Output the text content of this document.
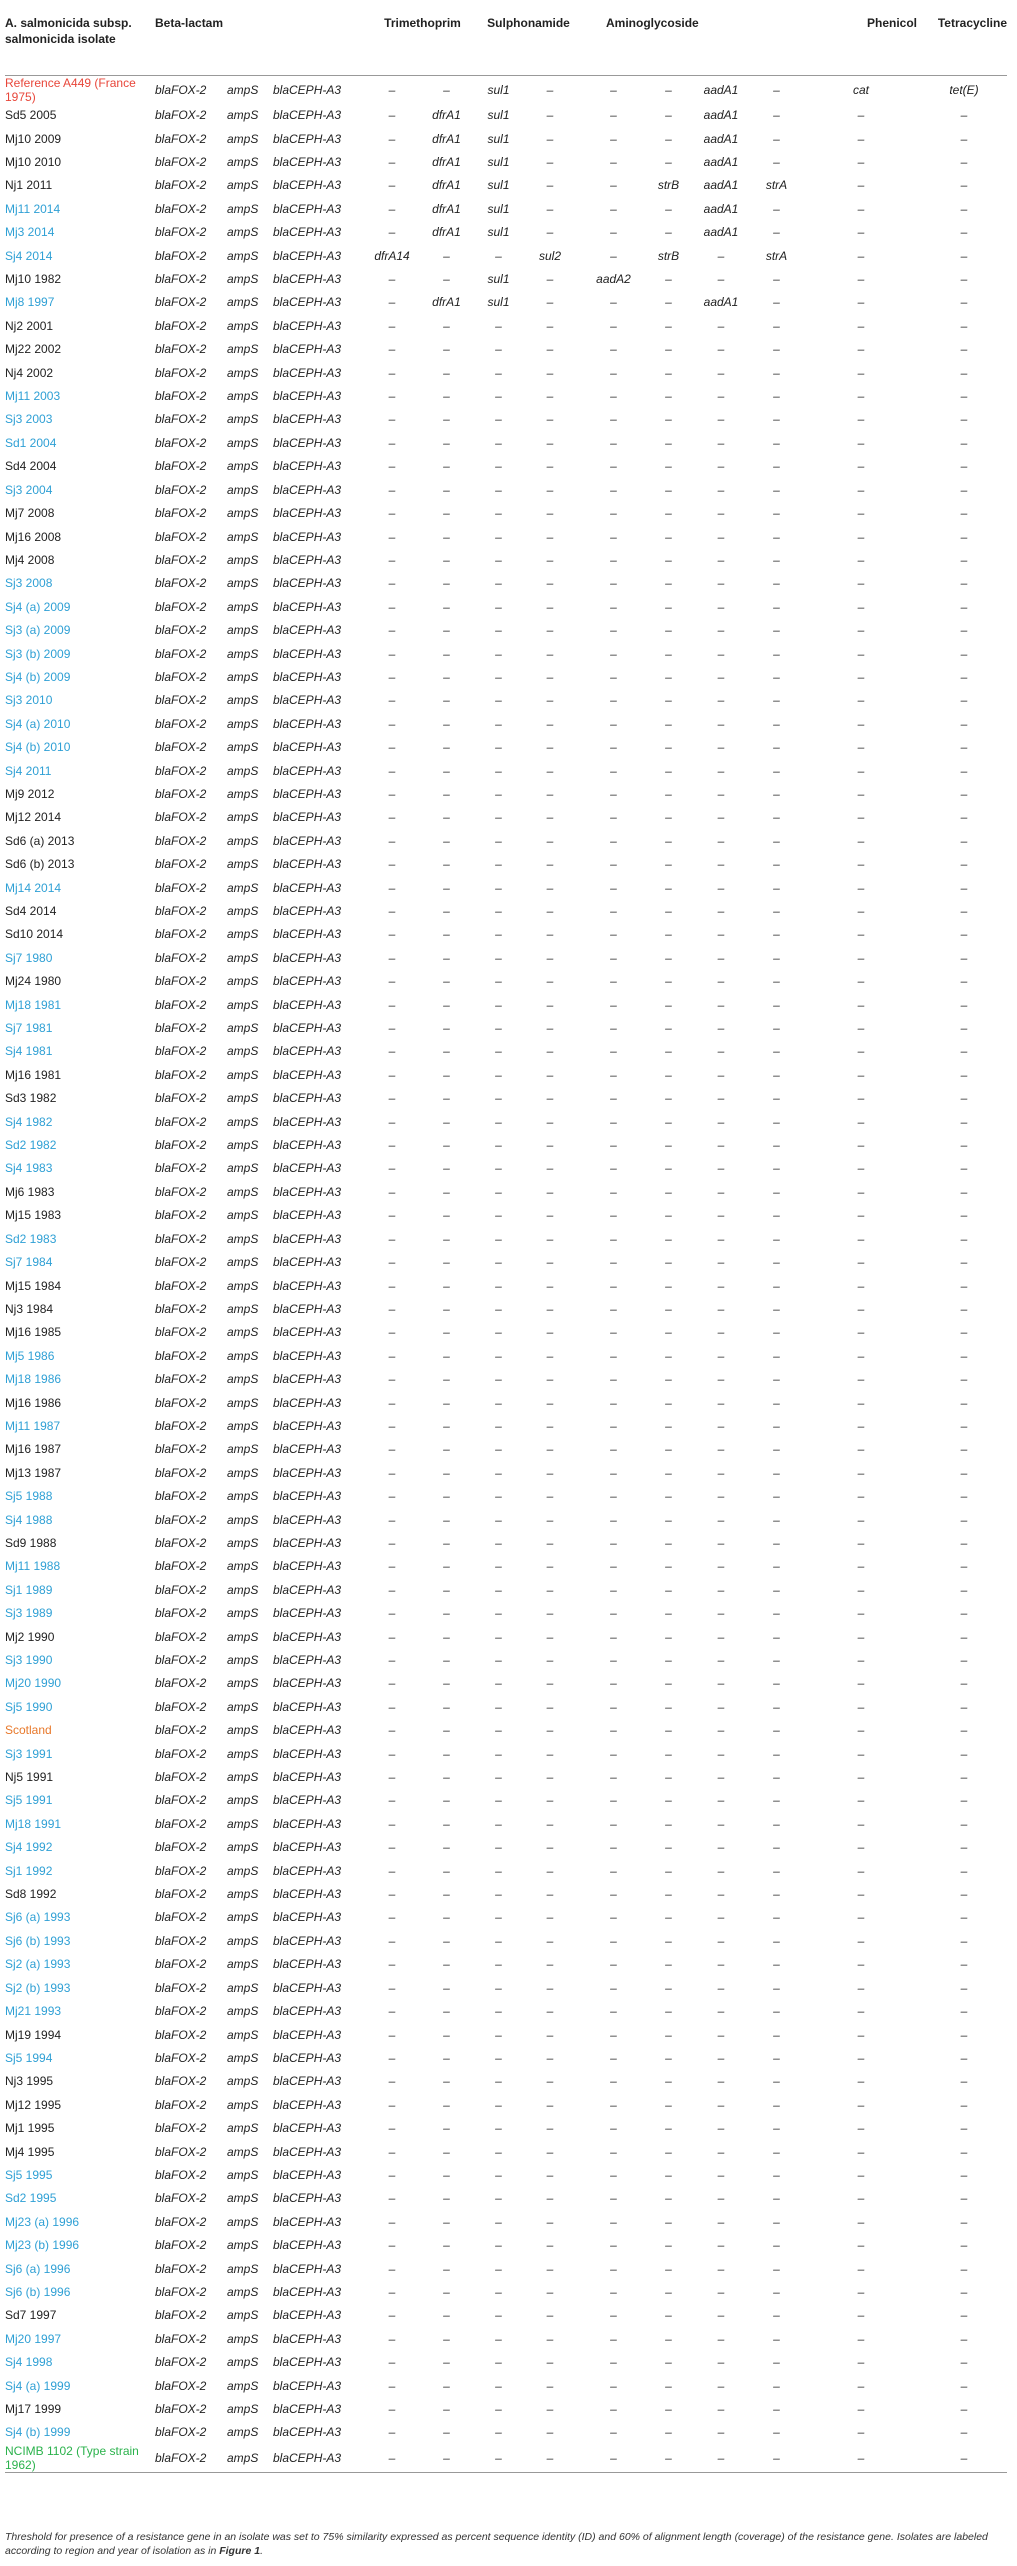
A. salmonicida subsp. salmonicida isolate	Beta-lactam			Trimethoprim		Sulphonamide		Aminoglycoside				Phenicol	Tetracycline
Reference A449 (France 1975)	blaFOX-2	ampS	blaCEPH-A3	–	–	sul1	–	–	–	aadA1	–	cat	tet(E)
Sd5 2005	blaFOX-2	ampS	blaCEPH-A3	–	dfrA1	sul1	–	–	–	aadA1	–	–	–
Mj10 2009	blaFOX-2	ampS	blaCEPH-A3	–	dfrA1	sul1	–	–	–	aadA1	–	–	–
Mj10 2010	blaFOX-2	ampS	blaCEPH-A3	–	dfrA1	sul1	–	–	–	aadA1	–	–	–
Nj1 2011	blaFOX-2	ampS	blaCEPH-A3	–	dfrA1	sul1	–	–	strB	aadA1	strA	–	–
Mj11 2014	blaFOX-2	ampS	blaCEPH-A3	–	dfrA1	sul1	–	–	–	aadA1	–	–	–
Mj3 2014	blaFOX-2	ampS	blaCEPH-A3	–	dfrA1	sul1	–	–	–	aadA1	–	–	–
Sj4 2014	blaFOX-2	ampS	blaCEPH-A3	dfrA14	–	–	sul2	–	strB	–	strA	–	–
Mj10 1982	blaFOX-2	ampS	blaCEPH-A3	–	–	sul1	–	aadA2	–	–	–	–	–
Mj8 1997	blaFOX-2	ampS	blaCEPH-A3	–	dfrA1	sul1	–	–	–	aadA1	–	–	–
Nj2 2001	blaFOX-2	ampS	blaCEPH-A3	–	–	–	–	–	–	–	–	–	–
Mj22 2002	blaFOX-2	ampS	blaCEPH-A3	–	–	–	–	–	–	–	–	–	–
Nj4 2002	blaFOX-2	ampS	blaCEPH-A3	–	–	–	–	–	–	–	–	–	–
Mj11 2003	blaFOX-2	ampS	blaCEPH-A3	–	–	–	–	–	–	–	–	–	–
Sj3 2003	blaFOX-2	ampS	blaCEPH-A3	–	–	–	–	–	–	–	–	–	–
Sd1 2004	blaFOX-2	ampS	blaCEPH-A3	–	–	–	–	–	–	–	–	–	–
Sd4 2004	blaFOX-2	ampS	blaCEPH-A3	–	–	–	–	–	–	–	–	–	–
Sj3 2004	blaFOX-2	ampS	blaCEPH-A3	–	–	–	–	–	–	–	–	–	–
Mj7 2008	blaFOX-2	ampS	blaCEPH-A3	–	–	–	–	–	–	–	–	–	–
Mj16 2008	blaFOX-2	ampS	blaCEPH-A3	–	–	–	–	–	–	–	–	–	–
Mj4 2008	blaFOX-2	ampS	blaCEPH-A3	–	–	–	–	–	–	–	–	–	–
Sj3 2008	blaFOX-2	ampS	blaCEPH-A3	–	–	–	–	–	–	–	–	–	–
Sj4 (a) 2009	blaFOX-2	ampS	blaCEPH-A3	–	–	–	–	–	–	–	–	–	–
Sj3 (a) 2009	blaFOX-2	ampS	blaCEPH-A3	–	–	–	–	–	–	–	–	–	–
Sj3 (b) 2009	blaFOX-2	ampS	blaCEPH-A3	–	–	–	–	–	–	–	–	–	–
Sj4 (b) 2009	blaFOX-2	ampS	blaCEPH-A3	–	–	–	–	–	–	–	–	–	–
Sj3 2010	blaFOX-2	ampS	blaCEPH-A3	–	–	–	–	–	–	–	–	–	–
Sj4 (a) 2010	blaFOX-2	ampS	blaCEPH-A3	–	–	–	–	–	–	–	–	–	–
Sj4 (b) 2010	blaFOX-2	ampS	blaCEPH-A3	–	–	–	–	–	–	–	–	–	–
Sj4 2011	blaFOX-2	ampS	blaCEPH-A3	–	–	–	–	–	–	–	–	–	–
Mj9 2012	blaFOX-2	ampS	blaCEPH-A3	–	–	–	–	–	–	–	–	–	–
Mj12 2014	blaFOX-2	ampS	blaCEPH-A3	–	–	–	–	–	–	–	–	–	–
Sd6 (a) 2013	blaFOX-2	ampS	blaCEPH-A3	–	–	–	–	–	–	–	–	–	–
Sd6 (b) 2013	blaFOX-2	ampS	blaCEPH-A3	–	–	–	–	–	–	–	–	–	–
Mj14 2014	blaFOX-2	ampS	blaCEPH-A3	–	–	–	–	–	–	–	–	–	–
Sd4 2014	blaFOX-2	ampS	blaCEPH-A3	–	–	–	–	–	–	–	–	–	–
Sd10 2014	blaFOX-2	ampS	blaCEPH-A3	–	–	–	–	–	–	–	–	–	–
Sj7 1980	blaFOX-2	ampS	blaCEPH-A3	–	–	–	–	–	–	–	–	–	–
Mj24 1980	blaFOX-2	ampS	blaCEPH-A3	–	–	–	–	–	–	–	–	–	–
Mj18 1981	blaFOX-2	ampS	blaCEPH-A3	–	–	–	–	–	–	–	–	–	–
Sj7 1981	blaFOX-2	ampS	blaCEPH-A3	–	–	–	–	–	–	–	–	–	–
Sj4 1981	blaFOX-2	ampS	blaCEPH-A3	–	–	–	–	–	–	–	–	–	–
Mj16 1981	blaFOX-2	ampS	blaCEPH-A3	–	–	–	–	–	–	–	–	–	–
Sd3 1982	blaFOX-2	ampS	blaCEPH-A3	–	–	–	–	–	–	–	–	–	–
Sj4 1982	blaFOX-2	ampS	blaCEPH-A3	–	–	–	–	–	–	–	–	–	–
Sd2 1982	blaFOX-2	ampS	blaCEPH-A3	–	–	–	–	–	–	–	–	–	–
Sj4 1983	blaFOX-2	ampS	blaCEPH-A3	–	–	–	–	–	–	–	–	–	–
Mj6 1983	blaFOX-2	ampS	blaCEPH-A3	–	–	–	–	–	–	–	–	–	–
Mj15 1983	blaFOX-2	ampS	blaCEPH-A3	–	–	–	–	–	–	–	–	–	–
Sd2 1983	blaFOX-2	ampS	blaCEPH-A3	–	–	–	–	–	–	–	–	–	–
Sj7 1984	blaFOX-2	ampS	blaCEPH-A3	–	–	–	–	–	–	–	–	–	–
Mj15 1984	blaFOX-2	ampS	blaCEPH-A3	–	–	–	–	–	–	–	–	–	–
Nj3 1984	blaFOX-2	ampS	blaCEPH-A3	–	–	–	–	–	–	–	–	–	–
Mj16 1985	blaFOX-2	ampS	blaCEPH-A3	–	–	–	–	–	–	–	–	–	–
Mj5 1986	blaFOX-2	ampS	blaCEPH-A3	–	–	–	–	–	–	–	–	–	–
Mj18 1986	blaFOX-2	ampS	blaCEPH-A3	–	–	–	–	–	–	–	–	–	–
Mj16 1986	blaFOX-2	ampS	blaCEPH-A3	–	–	–	–	–	–	–	–	–	–
Mj11 1987	blaFOX-2	ampS	blaCEPH-A3	–	–	–	–	–	–	–	–	–	–
Mj16 1987	blaFOX-2	ampS	blaCEPH-A3	–	–	–	–	–	–	–	–	–	–
Mj13 1987	blaFOX-2	ampS	blaCEPH-A3	–	–	–	–	–	–	–	–	–	–
Sj5 1988	blaFOX-2	ampS	blaCEPH-A3	–	–	–	–	–	–	–	–	–	–
Sj4 1988	blaFOX-2	ampS	blaCEPH-A3	–	–	–	–	–	–	–	–	–	–
Sd9 1988	blaFOX-2	ampS	blaCEPH-A3	–	–	–	–	–	–	–	–	–	–
Mj11 1988	blaFOX-2	ampS	blaCEPH-A3	–	–	–	–	–	–	–	–	–	–
Sj1 1989	blaFOX-2	ampS	blaCEPH-A3	–	–	–	–	–	–	–	–	–	–
Sj3 1989	blaFOX-2	ampS	blaCEPH-A3	–	–	–	–	–	–	–	–	–	–
Mj2 1990	blaFOX-2	ampS	blaCEPH-A3	–	–	–	–	–	–	–	–	–	–
Sj3 1990	blaFOX-2	ampS	blaCEPH-A3	–	–	–	–	–	–	–	–	–	–
Mj20 1990	blaFOX-2	ampS	blaCEPH-A3	–	–	–	–	–	–	–	–	–	–
Sj5 1990	blaFOX-2	ampS	blaCEPH-A3	–	–	–	–	–	–	–	–	–	–
Scotland	blaFOX-2	ampS	blaCEPH-A3	–	–	–	–	–	–	–	–	–	–
Sj3 1991	blaFOX-2	ampS	blaCEPH-A3	–	–	–	–	–	–	–	–	–	–
Nj5 1991	blaFOX-2	ampS	blaCEPH-A3	–	–	–	–	–	–	–	–	–	–
Sj5 1991	blaFOX-2	ampS	blaCEPH-A3	–	–	–	–	–	–	–	–	–	–
Mj18 1991	blaFOX-2	ampS	blaCEPH-A3	–	–	–	–	–	–	–	–	–	–
Sj4 1992	blaFOX-2	ampS	blaCEPH-A3	–	–	–	–	–	–	–	–	–	–
Sj1 1992	blaFOX-2	ampS	blaCEPH-A3	–	–	–	–	–	–	–	–	–	–
Sd8 1992	blaFOX-2	ampS	blaCEPH-A3	–	–	–	–	–	–	–	–	–	–
Sj6 (a) 1993	blaFOX-2	ampS	blaCEPH-A3	–	–	–	–	–	–	–	–	–	–
Sj6 (b) 1993	blaFOX-2	ampS	blaCEPH-A3	–	–	–	–	–	–	–	–	–	–
Sj2 (a) 1993	blaFOX-2	ampS	blaCEPH-A3	–	–	–	–	–	–	–	–	–	–
Sj2 (b) 1993	blaFOX-2	ampS	blaCEPH-A3	–	–	–	–	–	–	–	–	–	–
Mj21 1993	blaFOX-2	ampS	blaCEPH-A3	–	–	–	–	–	–	–	–	–	–
Mj19 1994	blaFOX-2	ampS	blaCEPH-A3	–	–	–	–	–	–	–	–	–	–
Sj5 1994	blaFOX-2	ampS	blaCEPH-A3	–	–	–	–	–	–	–	–	–	–
Nj3 1995	blaFOX-2	ampS	blaCEPH-A3	–	–	–	–	–	–	–	–	–	–
Mj12 1995	blaFOX-2	ampS	blaCEPH-A3	–	–	–	–	–	–	–	–	–	–
Mj1 1995	blaFOX-2	ampS	blaCEPH-A3	–	–	–	–	–	–	–	–	–	–
Mj4 1995	blaFOX-2	ampS	blaCEPH-A3	–	–	–	–	–	–	–	–	–	–
Sj5 1995	blaFOX-2	ampS	blaCEPH-A3	–	–	–	–	–	–	–	–	–	–
Sd2 1995	blaFOX-2	ampS	blaCEPH-A3	–	–	–	–	–	–	–	–	–	–
Mj23 (a) 1996	blaFOX-2	ampS	blaCEPH-A3	–	–	–	–	–	–	–	–	–	–
Mj23 (b) 1996	blaFOX-2	ampS	blaCEPH-A3	–	–	–	–	–	–	–	–	–	–
Sj6 (a) 1996	blaFOX-2	ampS	blaCEPH-A3	–	–	–	–	–	–	–	–	–	–
Sj6 (b) 1996	blaFOX-2	ampS	blaCEPH-A3	–	–	–	–	–	–	–	–	–	–
Sd7 1997	blaFOX-2	ampS	blaCEPH-A3	–	–	–	–	–	–	–	–	–	–
Mj20 1997	blaFOX-2	ampS	blaCEPH-A3	–	–	–	–	–	–	–	–	–	–
Sj4 1998	blaFOX-2	ampS	blaCEPH-A3	–	–	–	–	–	–	–	–	–	–
Sj4 (a) 1999	blaFOX-2	ampS	blaCEPH-A3	–	–	–	–	–	–	–	–	–	–
Mj17 1999	blaFOX-2	ampS	blaCEPH-A3	–	–	–	–	–	–	–	–	–	–
Sj4 (b) 1999	blaFOX-2	ampS	blaCEPH-A3	–	–	–	–	–	–	–	–	–	–
NCIMB 1102 (Type strain 1962)	blaFOX-2	ampS	blaCEPH-A3	–	–	–	–	–	–	–	–	–	–
Threshold for presence of a resistance gene in an isolate was set to 75% similarity expressed as percent sequence identity (ID) and 60% of alignment length (coverage) of the resistance gene. Isolates are labeled according to region and year of isolation as in Figure 1.
